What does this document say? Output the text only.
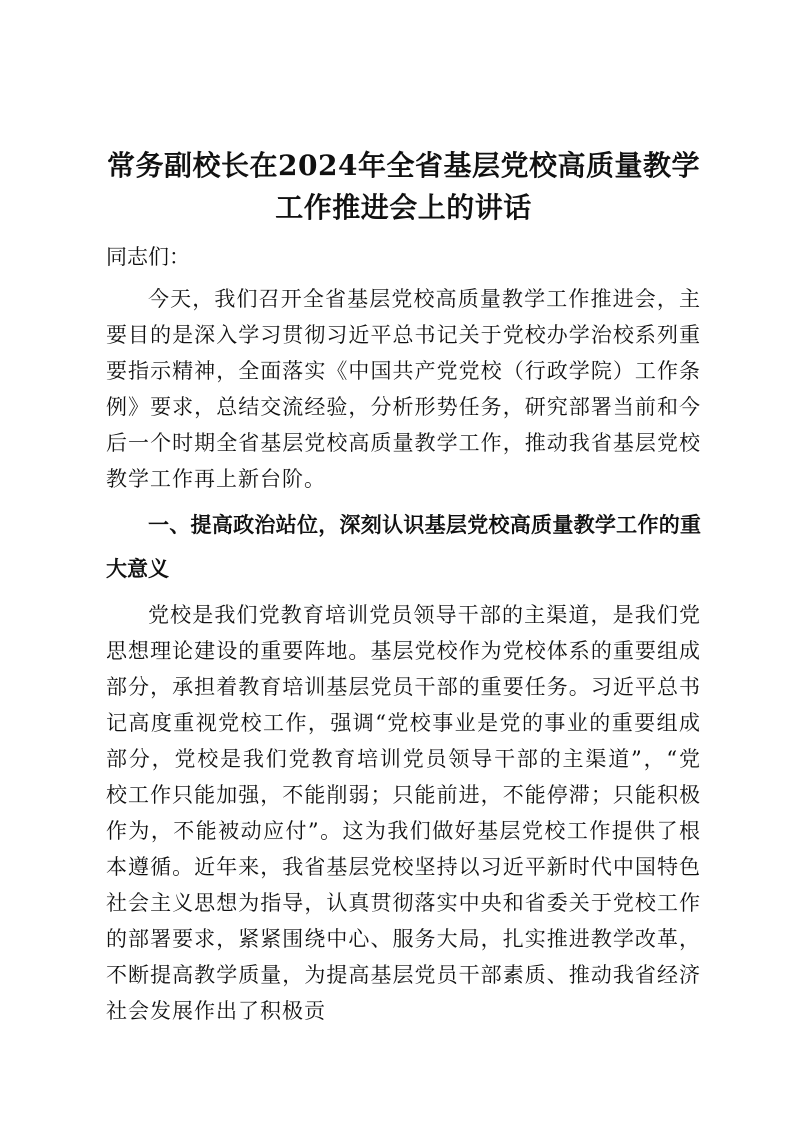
常务副校长在2024年全省基层党校高质量教学工作推进会上的讲话

同志们：

今天，我们召开全省基层党校高质量教学工作推进会，主要目的是深入学习贯彻习近平总书记关于党校办学治校系列重要指示精神，全面落实《中国共产党党校（行政学院）工作条例》要求，总结交流经验，分析形势任务，研究部署当前和今后一个时期全省基层党校高质量教学工作，推动我省基层党校教学工作再上新台阶。

一、提高政治站位，深刻认识基层党校高质量教学工作的重大意义

党校是我们党教育培训党员领导干部的主渠道，是我们党思想理论建设的重要阵地。基层党校作为党校体系的重要组成部分，承担着教育培训基层党员干部的重要任务。习近平总书记高度重视党校工作，强调“党校事业是党的事业的重要组成部分，党校是我们党教育培训党员领导干部的主渠道”，“党校工作只能加强，不能削弱；只能前进，不能停滞；只能积极作为，不能被动应付”。这为我们做好基层党校工作提供了根本遵循。近年来，我省基层党校坚持以习近平新时代中国特色社会主义思想为指导，认真贯彻落实中央和省委关于党校工作的部署要求，紧紧围绕中心、服务大局，扎实推进教学改革，不断提高教学质量，为提高基层党员干部素质、推动我省经济社会发展作出了积极贡
